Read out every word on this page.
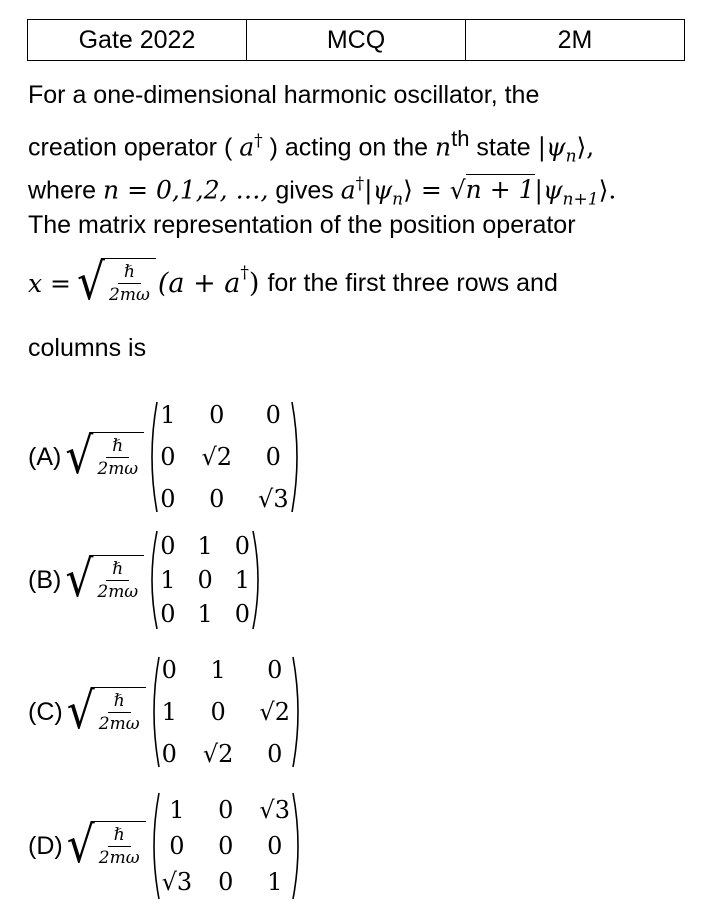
Gate 2022	MCQ	2M
For a one-dimensional harmonic oscillator, the
creation operator ( a† ) acting on the $n^{th}$ state $|\psi_n⟩$,
where n = 0,1,2, …, gives $a^\dagger|\psi_n⟩ = √n$ + $1|\psi_{n+1}⟩$.
The matrix representation of the position operator
x = √
$\frac{\text{ℏ}}{2m\omega} (a + a^\dagger$ ) for the first three rows and
columns is
(A) √
$\frac{\text{ℏ}}{2m\omega}$
1 0 0
0 √2 0
0 0 √3
(B) √
$\frac{\text{ℏ}}{2m\omega}$
0 1 0
1 0 1
0 1 0
(C) √
$\frac{\text{ℏ}}{2m\omega}$
0 1 0
1 0 √2
0 √2 0
(D) √
$\frac{\text{ℏ}}{2m\omega}$
1 0 √3
0 0 0
√3 0 1
